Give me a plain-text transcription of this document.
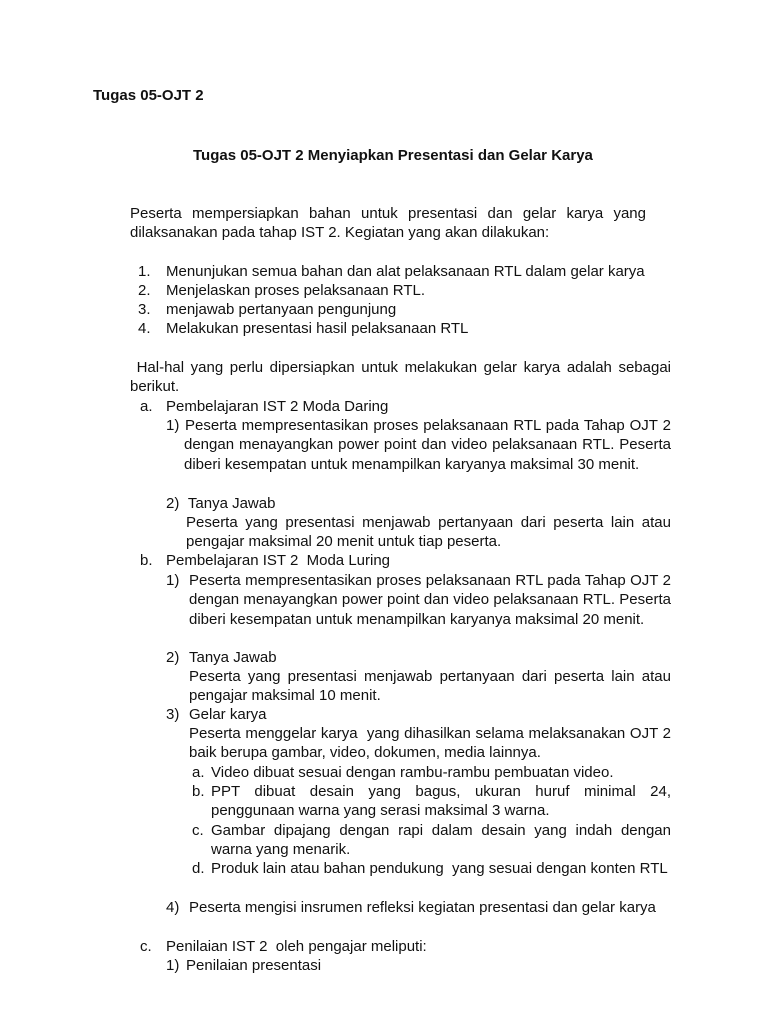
Tugas 05-OJT 2
Tugas 05-OJT 2 Menyiapkan Presentasi dan Gelar Karya
Peserta mempersiapkan bahan untuk presentasi dan gelar karya yang dilaksanakan pada tahap IST 2. Kegiatan yang akan dilakukan:
1. Menunjukan semua bahan dan alat pelaksanaan RTL dalam gelar karya
2. Menjelaskan proses pelaksanaan RTL.
3. menjawab pertanyaan pengunjung
4. Melakukan presentasi hasil pelaksanaan RTL
Hal-hal yang perlu dipersiapkan untuk melakukan gelar karya adalah sebagai berikut.
a. Pembelajaran IST 2 Moda Daring
1) Peserta mempresentasikan proses pelaksanaan RTL pada Tahap OJT 2 dengan menayangkan power point dan video pelaksanaan RTL. Peserta diberi kesempatan untuk menampilkan karyanya maksimal 30 menit.
2) Tanya Jawab
Peserta yang presentasi menjawab pertanyaan dari peserta lain atau pengajar maksimal 20 menit untuk tiap peserta.
b. Pembelajaran IST 2  Moda Luring
1) Peserta mempresentasikan proses pelaksanaan RTL pada Tahap OJT 2 dengan menayangkan power point dan video pelaksanaan RTL. Peserta diberi kesempatan untuk menampilkan karyanya maksimal 20 menit.
2) Tanya Jawab
Peserta yang presentasi menjawab pertanyaan dari peserta lain atau pengajar maksimal 10 menit.
3) Gelar karya
Peserta menggelar karya  yang dihasilkan selama melaksanakan OJT 2 baik berupa gambar, video, dokumen, media lainnya.
a. Video dibuat sesuai dengan rambu-rambu pembuatan video.
b. PPT dibuat desain yang bagus, ukuran huruf minimal 24, penggunaan warna yang serasi maksimal 3 warna.
c. Gambar dipajang dengan rapi dalam desain yang indah dengan warna yang menarik.
d. Produk lain atau bahan pendukung  yang sesuai dengan konten RTL
4) Peserta mengisi insrumen refleksi kegiatan presentasi dan gelar karya
c. Penilaian IST 2  oleh pengajar meliputi:
1) Penilaian presentasi
